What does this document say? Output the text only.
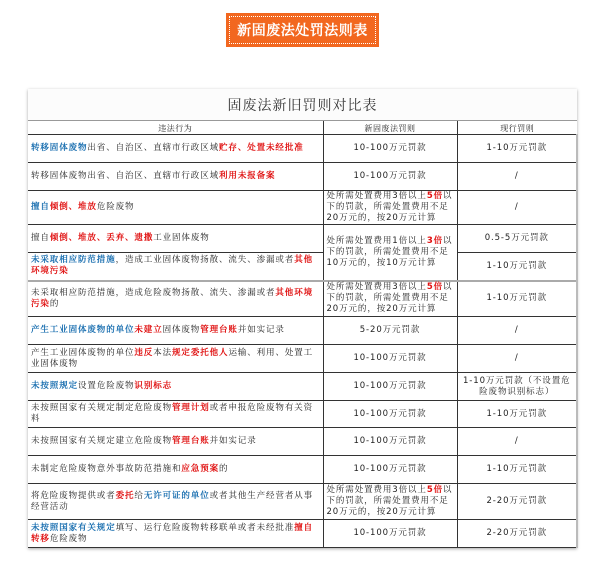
新固废法处罚法则表
固废法新旧罚则对比表
违法行为	新固废法罚则	现行罚则
转移固体废物出省、自治区、直辖市行政区域贮存、处置未经批准	10-100万元罚款	1-10万元罚款
转移固体废物出省、自治区、直辖市行政区域利用未报备案	10-100万元罚款	/
擅自倾倒、堆放危险废物	处所需处置费用3倍以上5倍以下的罚款，所需处置费用不足20万元的，按20万元计算	/
擅自倾倒、堆放、丢弃、遗撒工业固体废物	处所需处置费用1倍以上3倍以下的罚款，所需处置费用不足10万元的，按10万元计算	0.5-5万元罚款
未采取相应防范措施，造成工业固体废物扬散、流失、渗漏或者其他环境污染		1-10万元罚款
未采取相应防范措施，造成危险废物扬散、流失、渗漏或者其他环境污染的	处所需处置费用3倍以上5倍以下的罚款，所需处置费用不足20万元的，按20万元计算	1-10万元罚款
产生工业固体废物的单位未建立固体废物管理台账并如实记录	5-20万元罚款	/
产生工业固体废物的单位违反本法规定委托他人运输、利用、处置工业固体废物	10-100万元罚款	/
未按照规定设置危险废物识别标志	10-100万元罚款	1-10万元罚款（不设置危险废物识别标志）
未按照国家有关规定制定危险废物管理计划或者申报危险废物有关资料	10-100万元罚款	1-10万元罚款
未按照国家有关规定建立危险废物管理台账并如实记录	10-100万元罚款	/
未制定危险废物意外事故防范措施和应急预案的	10-100万元罚款	1-10万元罚款
将危险废物提供或者委托给无许可证的单位或者其他生产经营者从事经营活动	处所需处置费用3倍以上5倍以下的罚款，所需处置费用不足20万元的，按20万元计算	2-20万元罚款
未按照国家有关规定填写、运行危险废物转移联单或者未经批准擅自转移危险废物	10-100万元罚款	2-20万元罚款
